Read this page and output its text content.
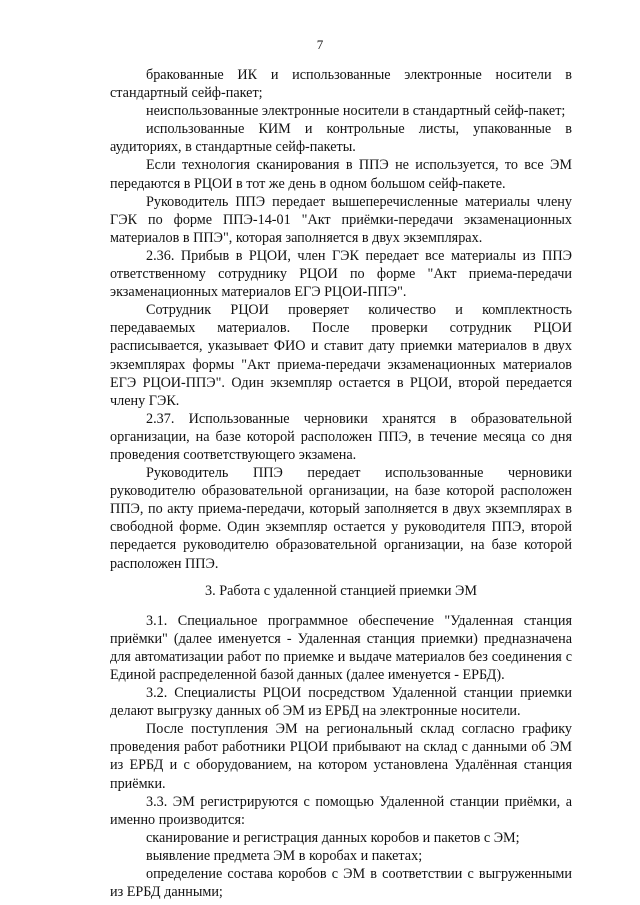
7

бракованные ИК и использованные электронные носители в стандартный сейф-пакет;

неиспользованные электронные носители в стандартный сейф-пакет;

использованные КИМ и контрольные листы, упакованные в аудиториях, в стандартные сейф-пакеты.

Если технология сканирования в ППЭ не используется, то все ЭМ передаются в РЦОИ в тот же день в одном большом сейф-пакете.

Руководитель ППЭ передает вышеперечисленные материалы члену ГЭК по форме ППЭ-14-01 "Акт приёмки-передачи экзаменационных материалов в ППЭ", которая заполняется в двух экземплярах.

2.36. Прибыв в РЦОИ, член ГЭК передает все материалы из ППЭ ответственному сотруднику РЦОИ по форме "Акт приема-передачи экзаменационных материалов ЕГЭ РЦОИ-ППЭ".

Сотрудник РЦОИ проверяет количество и комплектность передаваемых материалов. После проверки сотрудник РЦОИ расписывается, указывает ФИО и ставит дату приемки материалов в двух экземплярах формы "Акт приема-передачи экзаменационных материалов ЕГЭ РЦОИ-ППЭ". Один экземпляр остается в РЦОИ, второй передается члену ГЭК.

2.37. Использованные черновики хранятся в образовательной организации, на базе которой расположен ППЭ, в течение месяца со дня проведения соответствующего экзамена.

Руководитель ППЭ передает использованные черновики руководителю образовательной организации, на базе которой расположен ППЭ, по акту приема-передачи, который заполняется в двух экземплярах в свободной форме. Один экземпляр остается у руководителя ППЭ, второй передается руководителю образовательной организации, на базе которой расположен ППЭ.

3. Работа с удаленной станцией приемки ЭМ

3.1. Специальное программное обеспечение "Удаленная станция приёмки" (далее именуется - Удаленная станция приемки) предназначена для автоматизации работ по приемке и выдаче материалов без соединения с Единой распределенной базой данных (далее именуется - ЕРБД).

3.2. Специалисты РЦОИ посредством Удаленной станции приемки делают выгрузку данных об ЭМ из ЕРБД на электронные носители.

После поступления ЭМ на региональный склад согласно графику проведения работ работники РЦОИ прибывают на склад с данными об ЭМ из ЕРБД и с оборудованием, на котором установлена Удалённая станция приёмки.

3.3. ЭМ регистрируются с помощью Удаленной станции приёмки, а именно производится:

сканирование и регистрация данных коробов и пакетов с ЭМ;

выявление предмета ЭМ в коробах и пакетах;

определение состава коробов с ЭМ в соответствии с выгруженными из ЕРБД данными;
